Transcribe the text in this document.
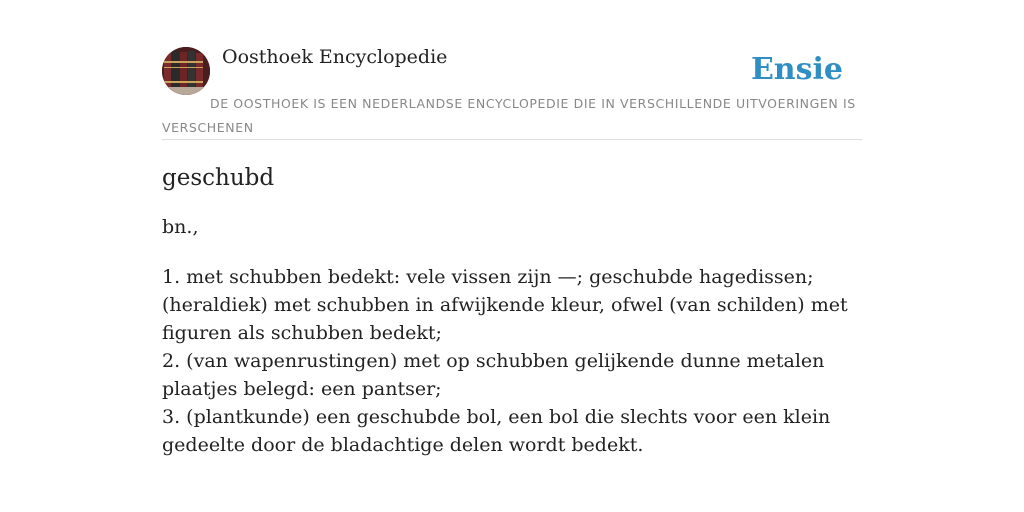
Oosthoek Encyclopedie	Ensie
DE OOSTHOEK IS EEN NEDERLANDSE ENCYCLOPEDIE DIE IN VERSCHILLENDE UITVOERINGEN IS VERSCHENEN
geschubd
bn.,
1. met schubben bedekt: vele vissen zijn —; geschubde hagedissen; (heraldiek) met schubben in afwijkende kleur, ofwel (van schilden) met figuren als schubben bedekt;
2. (van wapenrustingen) met op schubben gelijkende dunne metalen plaatjes belegd: een pantser;
3. (plantkunde) een geschubde bol, een bol die slechts voor een klein gedeelte door de bladachtige delen wordt bedekt.
